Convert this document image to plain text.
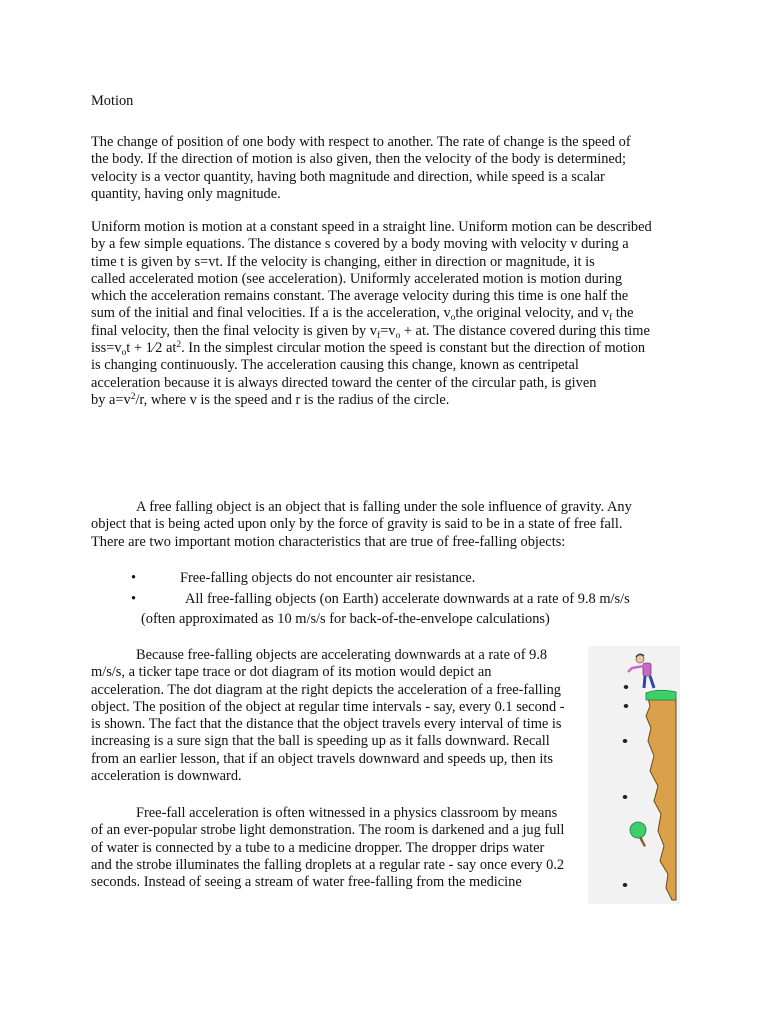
Motion
The change of position of one body with respect to another. The rate of change is the speed of
the body. If the direction of motion is also given, then the velocity of the body is determined;
velocity is a vector quantity, having both magnitude and direction, while speed is a scalar
quantity, having only magnitude.
Uniform motion is motion at a constant speed in a straight line. Uniform motion can be described
by a few simple equations. The distance s covered by a body moving with velocity v during a
time t is given by s=vt. If the velocity is changing, either in direction or magnitude, it is
called accelerated motion (see acceleration). Uniformly accelerated motion is motion during
which the acceleration remains constant. The average velocity during this time is one half the
sum of the initial and final velocities. If a is the acceleration, $v_othe$ original velocity, and $v_f$ the
final velocity, then the final velocity is given by $v_f=v_o$ + at. The distance covered during this time
$iss=v_ot$ + 1⁄2 $at^2$. In the simplest circular motion the speed is constant but the direction of motion
is changing continuously. The acceleration causing this change, known as centripetal
acceleration because it is always directed toward the center of the circular path, is given
by $a=v^2/r$, where v is the speed and r is the radius of the circle.
A free falling object is an object that is falling under the sole influence of gravity. Any
object that is being acted upon only by the force of gravity is said to be in a state of free fall.
There are two important motion characteristics that are true of free-falling objects:
•	Free-falling objects do not encounter air resistance.
•	All free-falling objects (on Earth) accelerate downwards at a rate of 9.8 m/s/s
(often approximated as 10 m/s/s for back-of-the-envelope calculations)
Because free-falling objects are accelerating downwards at a rate of 9.8
m/s/s, a ticker tape trace or dot diagram of its motion would depict an
acceleration. The dot diagram at the right depicts the acceleration of a free-falling
object. The position of the object at regular time intervals - say, every 0.1 second -
is shown. The fact that the distance that the object travels every interval of time is
increasing is a sure sign that the ball is speeding up as it falls downward. Recall
from an earlier lesson, that if an object travels downward and speeds up, then its
acceleration is downward.
Free-fall acceleration is often witnessed in a physics classroom by means
of an ever-popular strobe light demonstration. The room is darkened and a jug full
of water is connected by a tube to a medicine dropper. The dropper drips water
and the strobe illuminates the falling droplets at a regular rate - say once every 0.2
seconds. Instead of seeing a stream of water free-falling from the medicine
